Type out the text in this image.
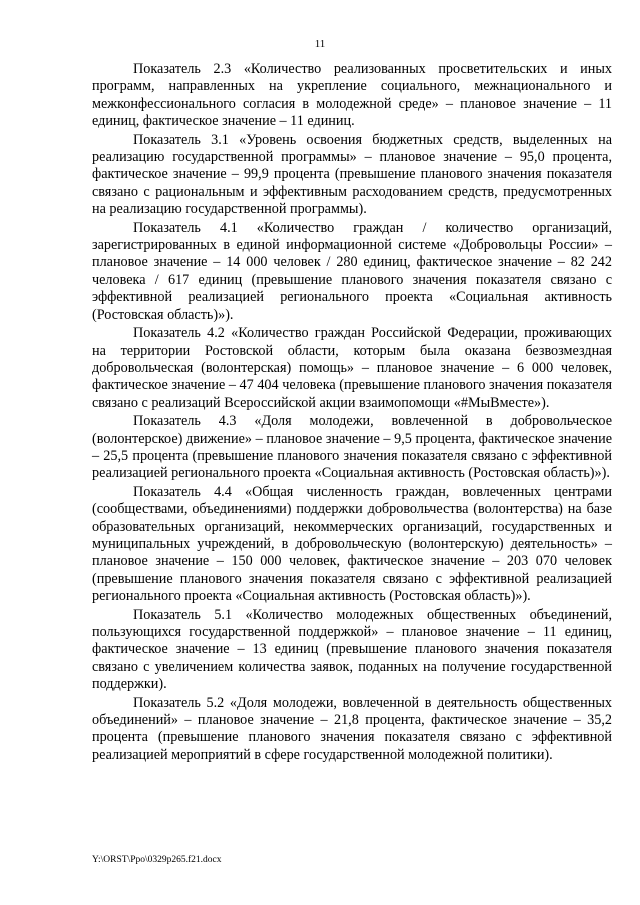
11

Показатель 2.3 «Количество реализованных просветительских и иных программ, направленных на укрепление социального, межнационального и межконфессионального согласия в молодежной среде» – плановое значение – 11 единиц, фактическое значение – 11 единиц.

Показатель 3.1 «Уровень освоения бюджетных средств, выделенных на реализацию государственной программы» – плановое значение – 95,0 процента, фактическое значение – 99,9 процента (превышение планового значения показателя связано с рациональным и эффективным расходованием средств, предусмотренных на реализацию государственной программы).

Показатель 4.1 «Количество граждан / количество организаций, зарегистрированных в единой информационной системе «Добровольцы России» – плановое значение – 14 000 человек / 280 единиц, фактическое значение – 82 242 человека / 617 единиц (превышение планового значения показателя связано с эффективной реализацией регионального проекта «Социальная активность (Ростовская область)»).

Показатель 4.2 «Количество граждан Российской Федерации, проживающих на территории Ростовской области, которым была оказана безвозмездная добровольческая (волонтерская) помощь» – плановое значение – 6 000 человек, фактическое значение – 47 404 человека (превышение планового значения показателя связано с реализаций Всероссийской акции взаимопомощи «#МыВместе»).

Показатель 4.3 «Доля молодежи, вовлеченной в добровольческое (волонтерское) движение» – плановое значение – 9,5 процента, фактическое значение – 25,5 процента (превышение планового значения показателя связано с эффективной реализацией регионального проекта «Социальная активность (Ростовская область)»).

Показатель 4.4 «Общая численность граждан, вовлеченных центрами (сообществами, объединениями) поддержки добровольчества (волонтерства) на базе образовательных организаций, некоммерческих организаций, государственных и муниципальных учреждений, в добровольческую (волонтерскую) деятельность» – плановое значение – 150 000 человек, фактическое значение – 203 070 человек (превышение планового значения показателя связано с эффективной реализацией регионального проекта «Социальная активность (Ростовская область)»).

Показатель 5.1 «Количество молодежных общественных объединений, пользующихся государственной поддержкой» – плановое значение – 11 единиц, фактическое значение – 13 единиц (превышение планового значения показателя связано с увеличением количества заявок, поданных на получение государственной поддержки).

Показатель 5.2 «Доля молодежи, вовлеченной в деятельность общественных объединений» – плановое значение – 21,8 процента, фактическое значение – 35,2 процента (превышение планового значения показателя связано с эффективной реализацией мероприятий в сфере государственной молодежной политики).

Y:\ORST\Ppo\0329p265.f21.docx
